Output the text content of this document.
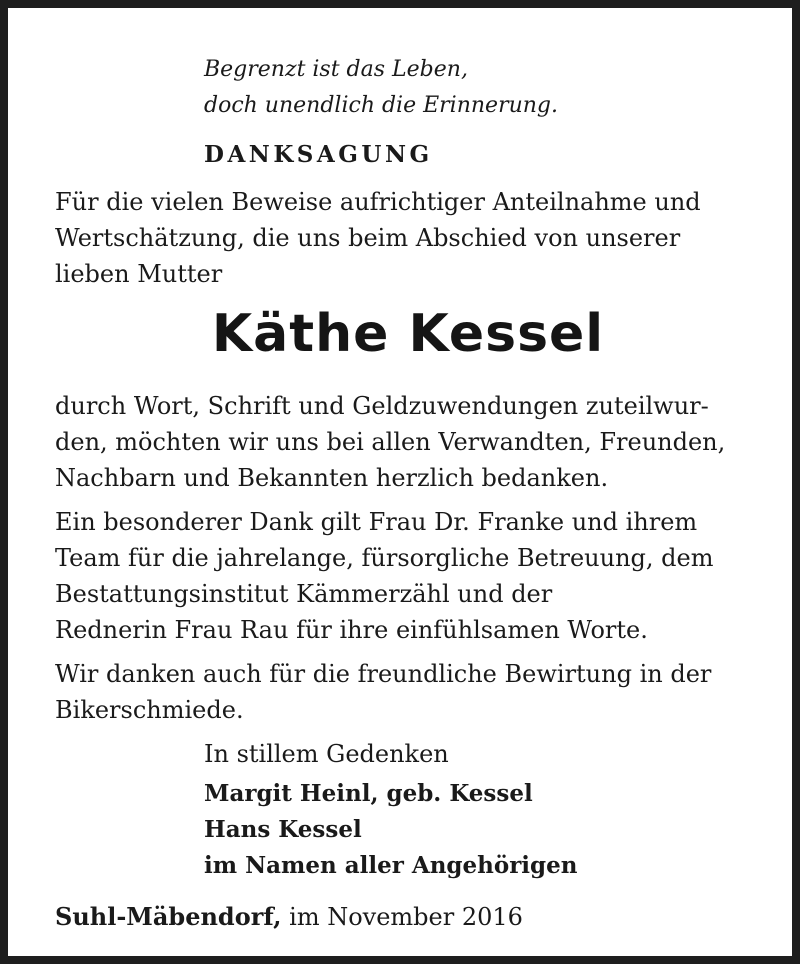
Begrenzt ist das Leben,
doch unendlich die Erinnerung.
DANKSAGUNG
Für die vielen Beweise aufrichtiger Anteilnahme und
Wertschätzung, die uns beim Abschied von unserer
lieben Mutter
Käthe Kessel
durch Wort, Schrift und Geldzuwendungen zuteilwur-
den, möchten wir uns bei allen Verwandten, Freunden,
Nachbarn und Bekannten herzlich bedanken.
Ein besonderer Dank gilt Frau Dr. Franke und ihrem
Team für die jahrelange, fürsorgliche Betreuung, dem
Bestattungsinstitut Kämmerzähl und der
Rednerin Frau Rau für ihre einfühlsamen Worte.
Wir danken auch für die freundliche Bewirtung in der
Bikerschmiede.
In stillem Gedenken
Margit Heinl, geb. Kessel
Hans Kessel
im Namen aller Angehörigen
Suhl-Mäbendorf, im November 2016
